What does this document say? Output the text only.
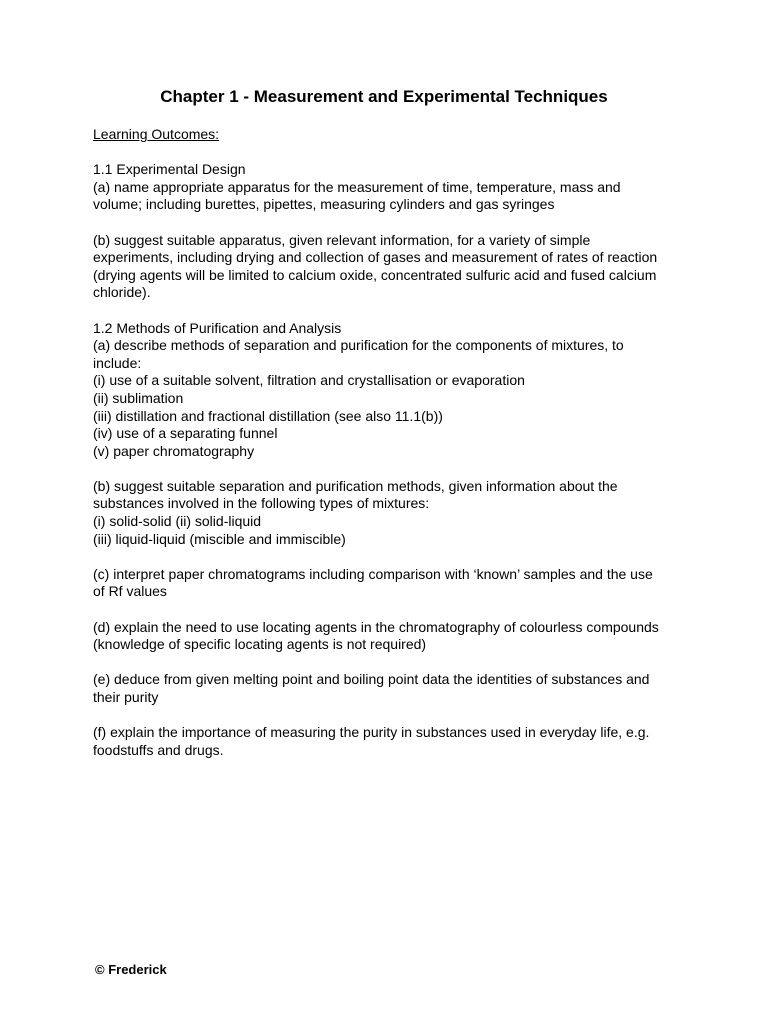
Chapter 1 - Measurement and Experimental Techniques
Learning Outcomes:
1.1 Experimental Design
(a) name appropriate apparatus for the measurement of time, temperature, mass and
volume; including burettes, pipettes, measuring cylinders and gas syringes
(b) suggest suitable apparatus, given relevant information, for a variety of simple
experiments, including drying and collection of gases and measurement of rates of reaction
(drying agents will be limited to calcium oxide, concentrated sulfuric acid and fused calcium
chloride).
1.2 Methods of Purification and Analysis
(a) describe methods of separation and purification for the components of mixtures, to
include:
(i) use of a suitable solvent, filtration and crystallisation or evaporation
(ii) sublimation
(iii) distillation and fractional distillation (see also 11.1(b))
(iv) use of a separating funnel
(v) paper chromatography
(b) suggest suitable separation and purification methods, given information about the
substances involved in the following types of mixtures:
(i) solid-solid (ii) solid-liquid
(iii) liquid-liquid (miscible and immiscible)
(c) interpret paper chromatograms including comparison with ‘known’ samples and the use
of Rf values
(d) explain the need to use locating agents in the chromatography of colourless compounds
(knowledge of specific locating agents is not required)
(e) deduce from given melting point and boiling point data the identities of substances and
their purity
(f) explain the importance of measuring the purity in substances used in everyday life, e.g.
foodstuffs and drugs.
© Frederick
